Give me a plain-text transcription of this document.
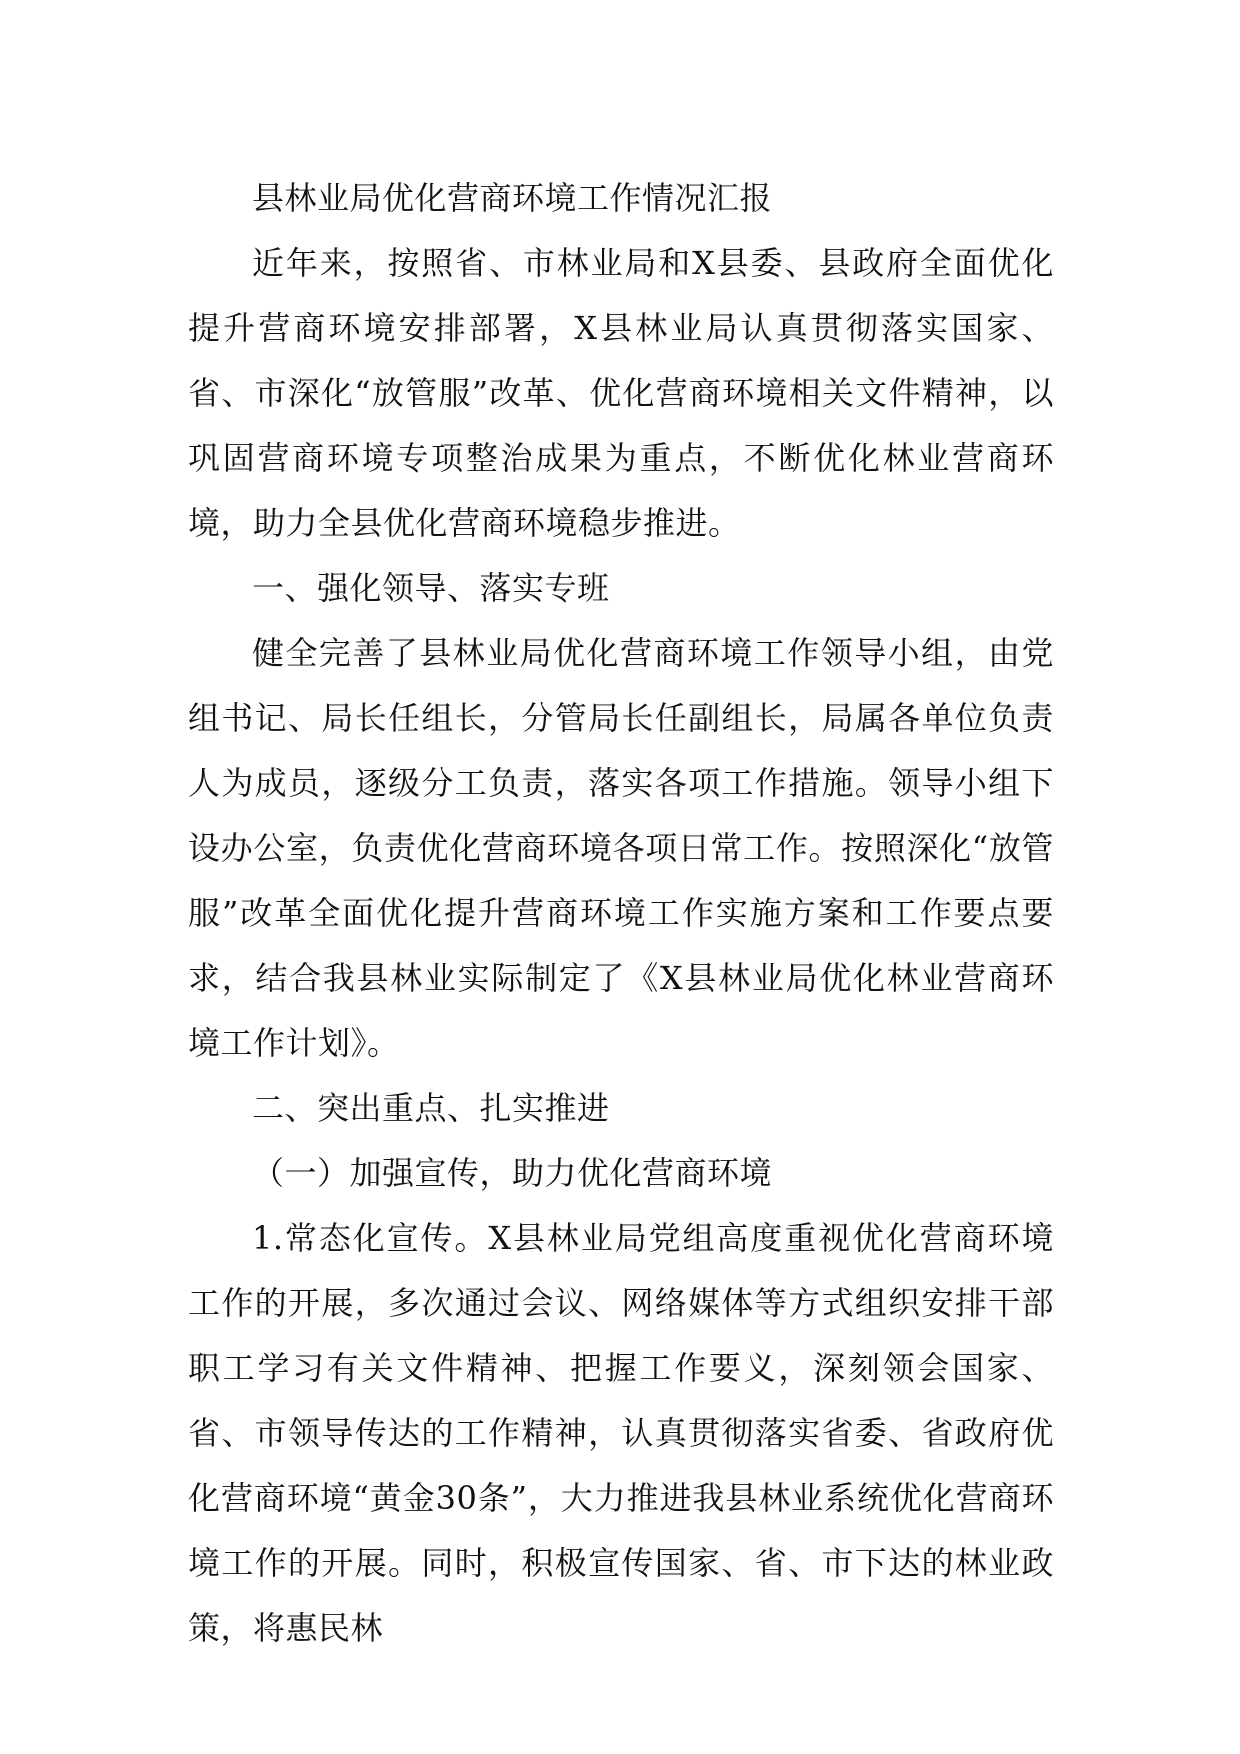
县林业局优化营商环境工作情况汇报

近年来，按照省、市林业局和X县委、县政府全面优化提升营商环境安排部署，X县林业局认真贯彻落实国家、省、市深化“放管服”改革、优化营商环境相关文件精神，以巩固营商环境专项整治成果为重点，不断优化林业营商环境，助力全县优化营商环境稳步推进。

一、强化领导、落实专班

健全完善了县林业局优化营商环境工作领导小组，由党组书记、局长任组长，分管局长任副组长，局属各单位负责人为成员，逐级分工负责，落实各项工作措施。领导小组下设办公室，负责优化营商环境各项日常工作。按照深化“放管服”改革全面优化提升营商环境工作实施方案和工作要点要求，结合我县林业实际制定了《X县林业局优化林业营商环境工作计划》。

二、突出重点、扎实推进

（一）加强宣传，助力优化营商环境

1.常态化宣传。X县林业局党组高度重视优化营商环境工作的开展，多次通过会议、网络媒体等方式组织安排干部职工学习有关文件精神、把握工作要义，深刻领会国家、省、市领导传达的工作精神，认真贯彻落实省委、省政府优化营商环境“黄金30条”，大力推进我县林业系统优化营商环境工作的开展。同时，积极宣传国家、省、市下达的林业政策，将惠民林
